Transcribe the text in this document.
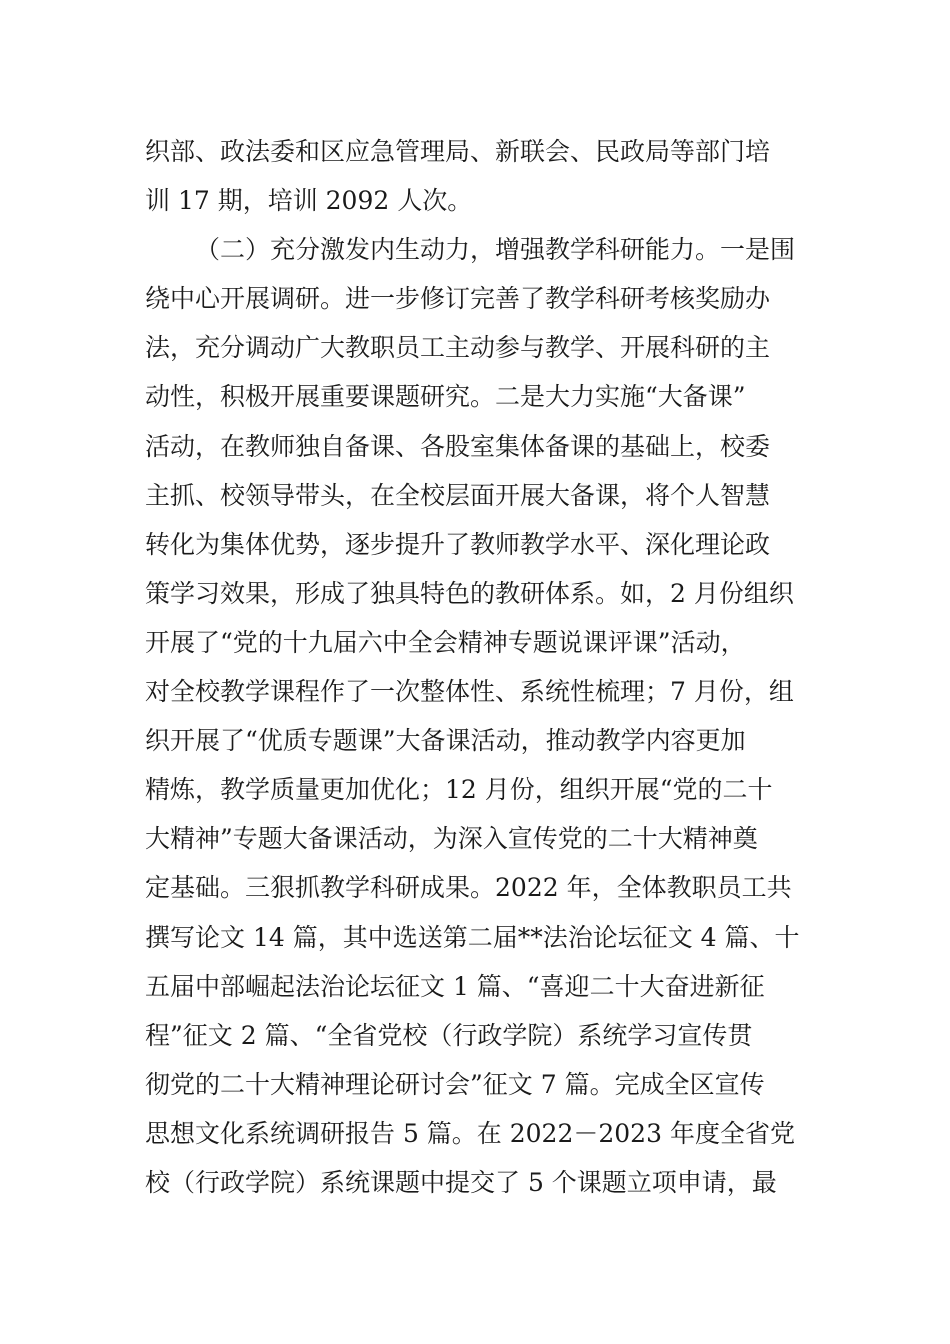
织部、政法委和区应急管理局、新联会、民政局等部门培
训 17 期，培训 2092 人次。
（二）充分激发内生动力，增强教学科研能力。一是围
绕中心开展调研。进一步修订完善了教学科研考核奖励办
法，充分调动广大教职员工主动参与教学、开展科研的主
动性，积极开展重要课题研究。二是大力实施“大备课”
活动，在教师独自备课、各股室集体备课的基础上，校委
主抓、校领导带头，在全校层面开展大备课，将个人智慧
转化为集体优势，逐步提升了教师教学水平、深化理论政
策学习效果，形成了独具特色的教研体系。如，2 月份组织
开展了“党的十九届六中全会精神专题说课评课”活动，
对全校教学课程作了一次整体性、系统性梳理；7 月份，组
织开展了“优质专题课”大备课活动，推动教学内容更加
精炼，教学质量更加优化；12 月份，组织开展“党的二十
大精神”专题大备课活动，为深入宣传党的二十大精神奠
定基础。三狠抓教学科研成果。2022 年，全体教职员工共
撰写论文 14 篇，其中选送第二届**法治论坛征文 4 篇、十
五届中部崛起法治论坛征文 1 篇、“喜迎二十大奋进新征
程”征文 2 篇、“全省党校（行政学院）系统学习宣传贯
彻党的二十大精神理论研讨会”征文 7 篇。完成全区宣传
思想文化系统调研报告 5 篇。在 2022－2023 年度全省党
校（行政学院）系统课题中提交了 5 个课题立项申请，最
